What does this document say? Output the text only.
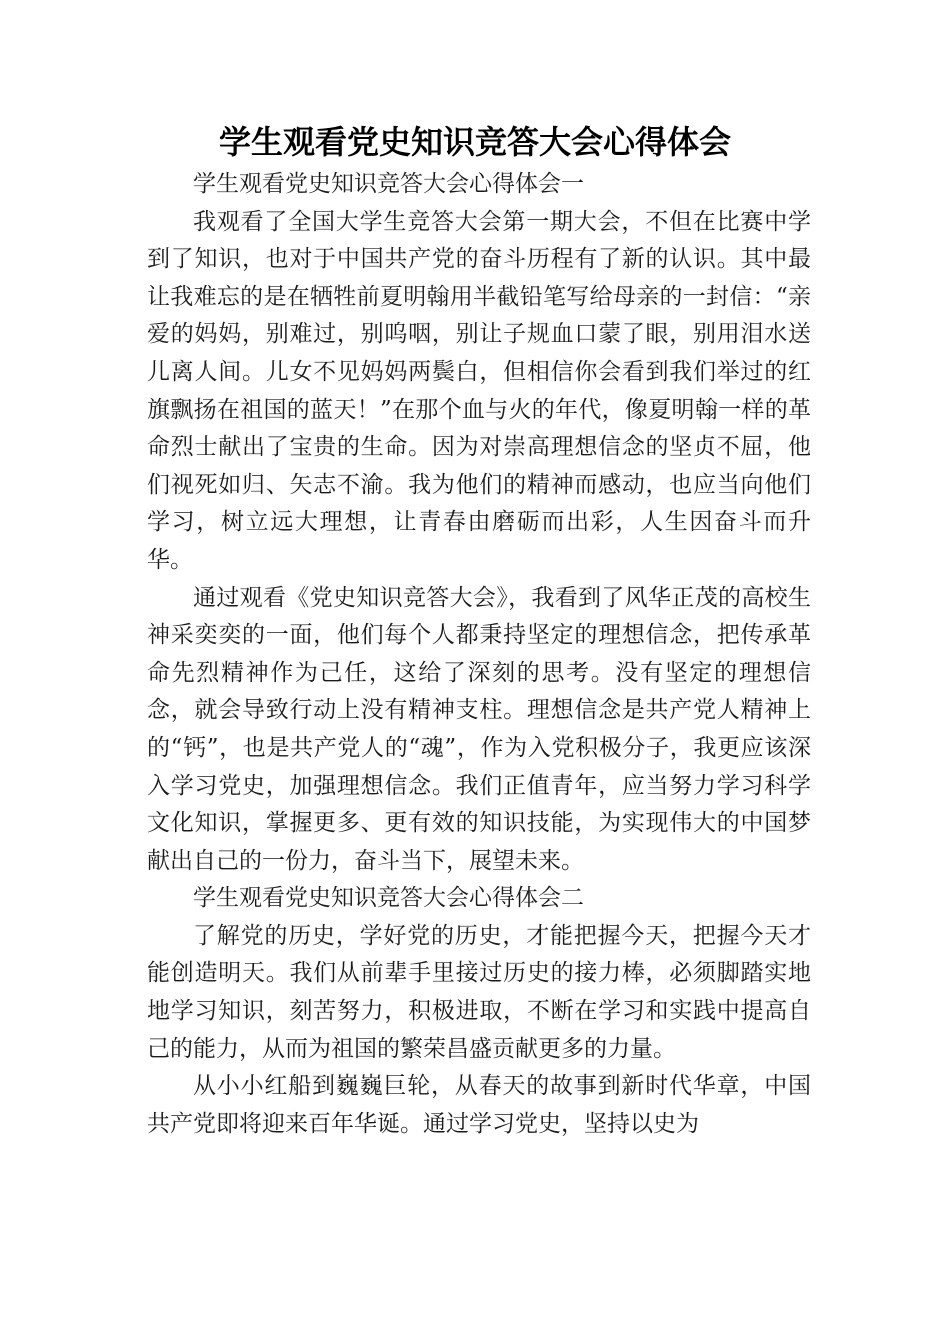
学生观看党史知识竞答大会心得体会

学生观看党史知识竞答大会心得体会一

我观看了全国大学生竞答大会第一期大会，不但在比赛中学到了知识，也对于中国共产党的奋斗历程有了新的认识。其中最让我难忘的是在牺牲前夏明翰用半截铅笔写给母亲的一封信：“亲爱的妈妈，别难过，别呜咽，别让子规血口蒙了眼，别用泪水送儿离人间。儿女不见妈妈两鬓白，但相信你会看到我们举过的红旗飘扬在祖国的蓝天！”在那个血与火的年代，像夏明翰一样的革命烈士献出了宝贵的生命。因为对崇高理想信念的坚贞不屈，他们视死如归、矢志不渝。我为他们的精神而感动，也应当向他们学习，树立远大理想，让青春由磨砺而出彩，人生因奋斗而升华。

通过观看《党史知识竞答大会》，我看到了风华正茂的高校生神采奕奕的一面，他们每个人都秉持坚定的理想信念，把传承革命先烈精神作为己任，这给了深刻的思考。没有坚定的理想信念，就会导致行动上没有精神支柱。理想信念是共产党人精神上的“钙”，也是共产党人的“魂”，作为入党积极分子，我更应该深入学习党史，加强理想信念。我们正值青年，应当努力学习科学文化知识，掌握更多、更有效的知识技能，为实现伟大的中国梦献出自己的一份力，奋斗当下，展望未来。

学生观看党史知识竞答大会心得体会二

了解党的历史，学好党的历史，才能把握今天，把握今天才能创造明天。我们从前辈手里接过历史的接力棒，必须脚踏实地地学习知识，刻苦努力，积极进取，不断在学习和实践中提高自己的能力，从而为祖国的繁荣昌盛贡献更多的力量。

从小小红船到巍巍巨轮，从春天的故事到新时代华章，中国共产党即将迎来百年华诞。通过学习党史，坚持以史为
